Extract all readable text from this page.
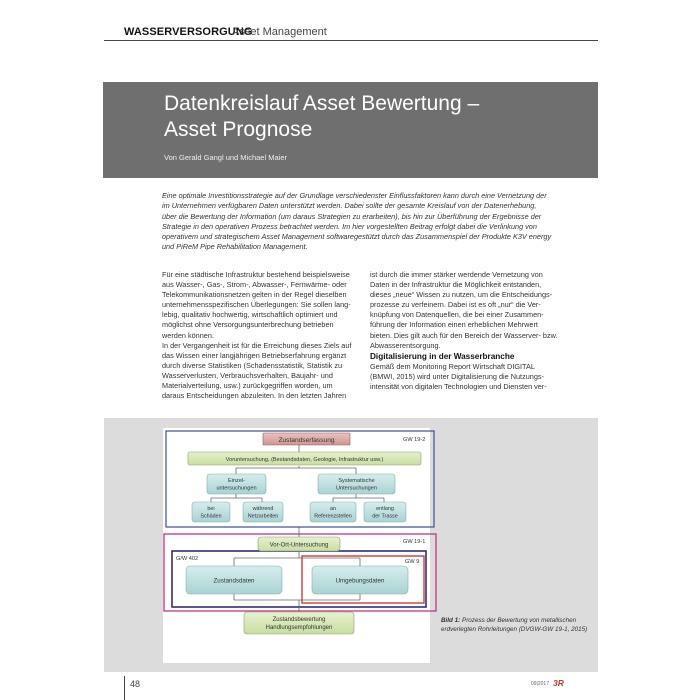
WASSERVERSORGUNG
Asset Management
Datenkreislauf Asset Bewertung –
Asset Prognose
Von Gerald Gangl und Michael Maier
Eine optimale Investitionsstrategie auf der Grundlage verschiedenster Einflussfaktoren kann durch eine Vernetzung der
im Unternehmen verfügbaren Daten unterstützt werden. Dabei sollte der gesamte Kreislauf von der Datenerhebung,
über die Bewertung der Information (um daraus Strategien zu erarbeiten), bis hin zur Überführung der Ergebnisse der
Strategie in den operativen Prozess betrachtet werden. Im hier vorgestellten Beitrag erfolgt dabei die Verlinkung von
operativem und strategischem Asset Management softwaregestützt durch das Zusammenspiel der Produkte K3V energy
und PiReM Pipe Rehabilitation Management.
Für eine städtische Infrastruktur bestehend beispielsweise
aus Wasser-, Gas-, Strom-, Abwasser-, Fernwärme- oder
Telekommunikationsnetzen gelten in der Regel dieselben
unternehmensspezifischen Überlegungen: Sie sollen lang-
lebig, qualitativ hochwertig, wirtschaftlich optimiert und
möglichst ohne Versorgungsunterbrechung betrieben
werden können.
In der Vergangenheit ist für die Erreichung dieses Ziels auf
das Wissen einer langjährigen Betriebserfahrung ergänzt
durch diverse Statistiken (Schadensstatistik, Statistik zu
Wasserverlusten, Verbrauchsverhalten, Baujahr- und
Materialverteilung, usw.) zurückgegriffen worden, um
daraus Entscheidungen abzuleiten. In den letzten Jahren
ist durch die immer stärker werdende Vernetzung von
Daten in der Infrastruktur die Möglichkeit entstanden,
dieses „neue“ Wissen zu nutzen, um die Entscheidungs-
prozesse zu verfeinern. Dabei ist es oft „nur“ die Ver-
knüpfung von Datenquellen, die bei einer Zusammen-
führung der Information einen erheblichen Mehrwert
bieten. Dies gilt auch für den Bereich der Wasserver- bzw.
Abwasserentsorgung.
Digitalisierung in der Wasserbranche
Gemäß dem Monitoring Report Wirtschaft DIGITAL
(BMWI, 2015) wird unter Digitalisierung die Nutzungs-
intensität von digitalen Technologien und Diensten ver-
Zustandserfassung
Voruntersuchung, (Bestandsdaten, Geologie, Infrastruktur usw.)
Einzel-
untersuchungen
Systematische
Untersuchungen
bei
Schäden
während
Netzarbeiten
an
Referenzstellen
entlang
der Trasse
Vor-Ort-Untersuchung
Zustandsdaten	Umgebungsdaten
Zustandsbewertung
Handlungsempfohlungen
GW 19-2
GW 19-1
G/W 402	GW 9
Bild 1: Prozess der Bewertung von metallischen erdverlegten Rohrleitungen (DVGW-GW 19-1, 2015)
48	09|2017 3R
